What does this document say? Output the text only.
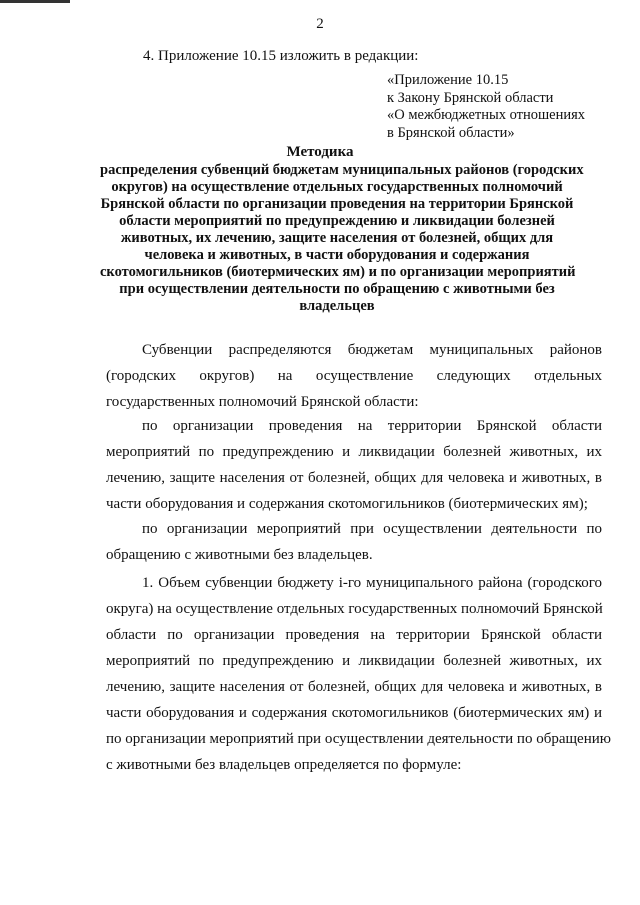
2
4. Приложение 10.15 изложить в редакции:
«Приложение 10.15
к Закону Брянской области
«О межбюджетных отношениях
в Брянской области»
Методика
распределения субвенций бюджетам муниципальных районов (городских
округов) на осуществление отдельных государственных полномочий
Брянской области по организации проведения на территории Брянской
области мероприятий по предупреждению и ликвидации болезней
животных, их лечению, защите населения от болезней, общих для
человека и животных, в части оборудования и содержания
скотомогильников (биотермических ям) и по организации мероприятий
при осуществлении деятельности по обращению с животными без
владельцев
Субвенции распределяются бюджетам муниципальных районов
(городских округов) на осуществление следующих отдельных
государственных полномочий Брянской области:
по организации проведения на территории Брянской области
мероприятий по предупреждению и ликвидации болезней животных, их
лечению, защите населения от болезней, общих для человека и животных, в
части оборудования и содержания скотомогильников (биотермических ям);
по организации мероприятий при осуществлении деятельности по
обращению с животными без владельцев.
1. Объем субвенции бюджету i-го муниципального района (городского
округа) на осуществление отдельных государственных полномочий Брянской
области по организации проведения на территории Брянской области
мероприятий по предупреждению и ликвидации болезней животных, их
лечению, защите населения от болезней, общих для человека и животных, в
части оборудования и содержания скотомогильников (биотермических ям) и
по организации мероприятий при осуществлении деятельности по обращению
с животными без владельцев определяется по формуле:
